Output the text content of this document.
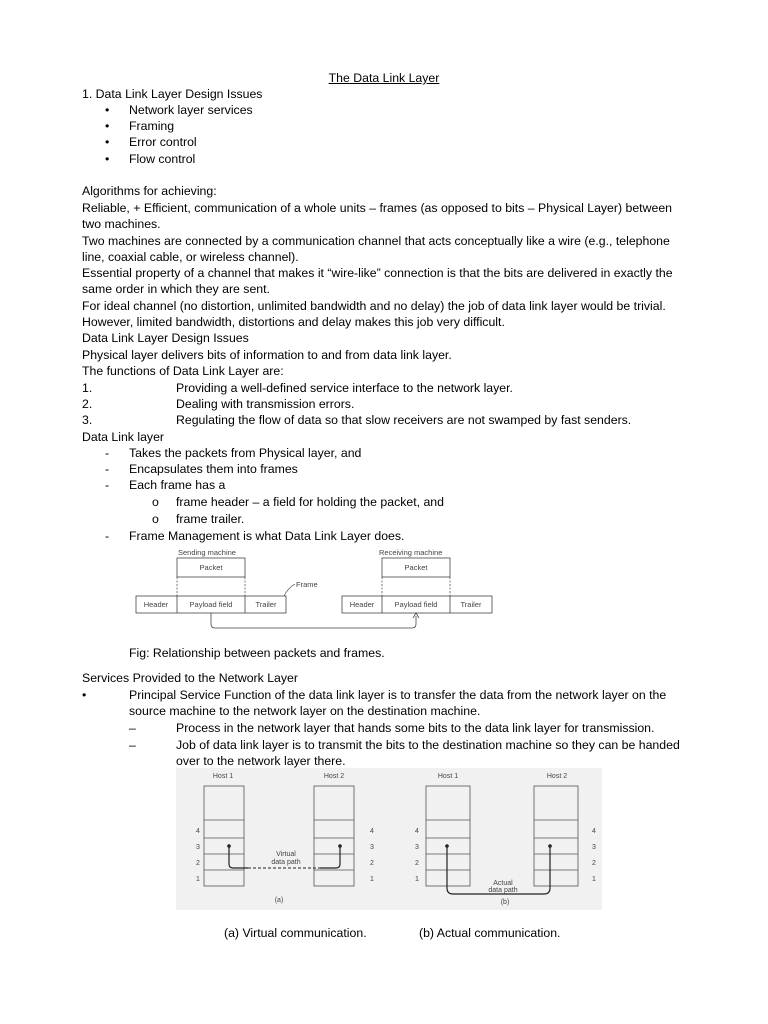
The Data Link Layer
1. Data Link Layer Design Issues
• Network layer services
• Framing
• Error control
• Flow control
Algorithms for achieving:
Reliable, + Efficient, communication of a whole units – frames (as opposed to bits – Physical Layer) between
two machines.
Two machines are connected by a communication channel that acts conceptually like a wire (e.g., telephone
line, coaxial cable, or wireless channel).
Essential property of a channel that makes it “wire-like” connection is that the bits are delivered in exactly the
same order in which they are sent.
For ideal channel (no distortion, unlimited bandwidth and no delay) the job of data link layer would be trivial.
However, limited bandwidth, distortions and delay makes this job very difficult.
Data Link Layer Design Issues
Physical layer delivers bits of information to and from data link layer.
The functions of Data Link Layer are:
1.	Providing a well-defined service interface to the network layer.
2.	Dealing with transmission errors.
3.	Regulating the flow of data so that slow receivers are not swamped by fast senders.
Data Link layer
- Takes the packets from Physical layer, and
- Encapsulates them into frames
- Each frame has a
o frame header – a field for holding the packet, and
o frame trailer.
- Frame Management is what Data Link Layer does.
Sending machine	Receiving machine
Packet	Packet
Frame
Header	Payload field	Trailer	Header	Payload field	Trailer
Fig: Relationship between packets and frames.
Services Provided to the Network Layer
•	Principal Service Function of the data link layer is to transfer the data from the network layer on the
source machine to the network layer on the destination machine.
–	Process in the network layer that hands some bits to the data link layer for transmission.
–	Job of data link layer is to transmit the bits to the destination machine so they can be handed
over to the network layer there.
Host 1
4
3
2
1
Host 2
4
3
2
1
Virtual
data path
(a)
Host 1
4
3
2
1
Host 2
4
3
2
1
Actual
data path
(b)
(a) Virtual communication.	(b) Actual communication.
